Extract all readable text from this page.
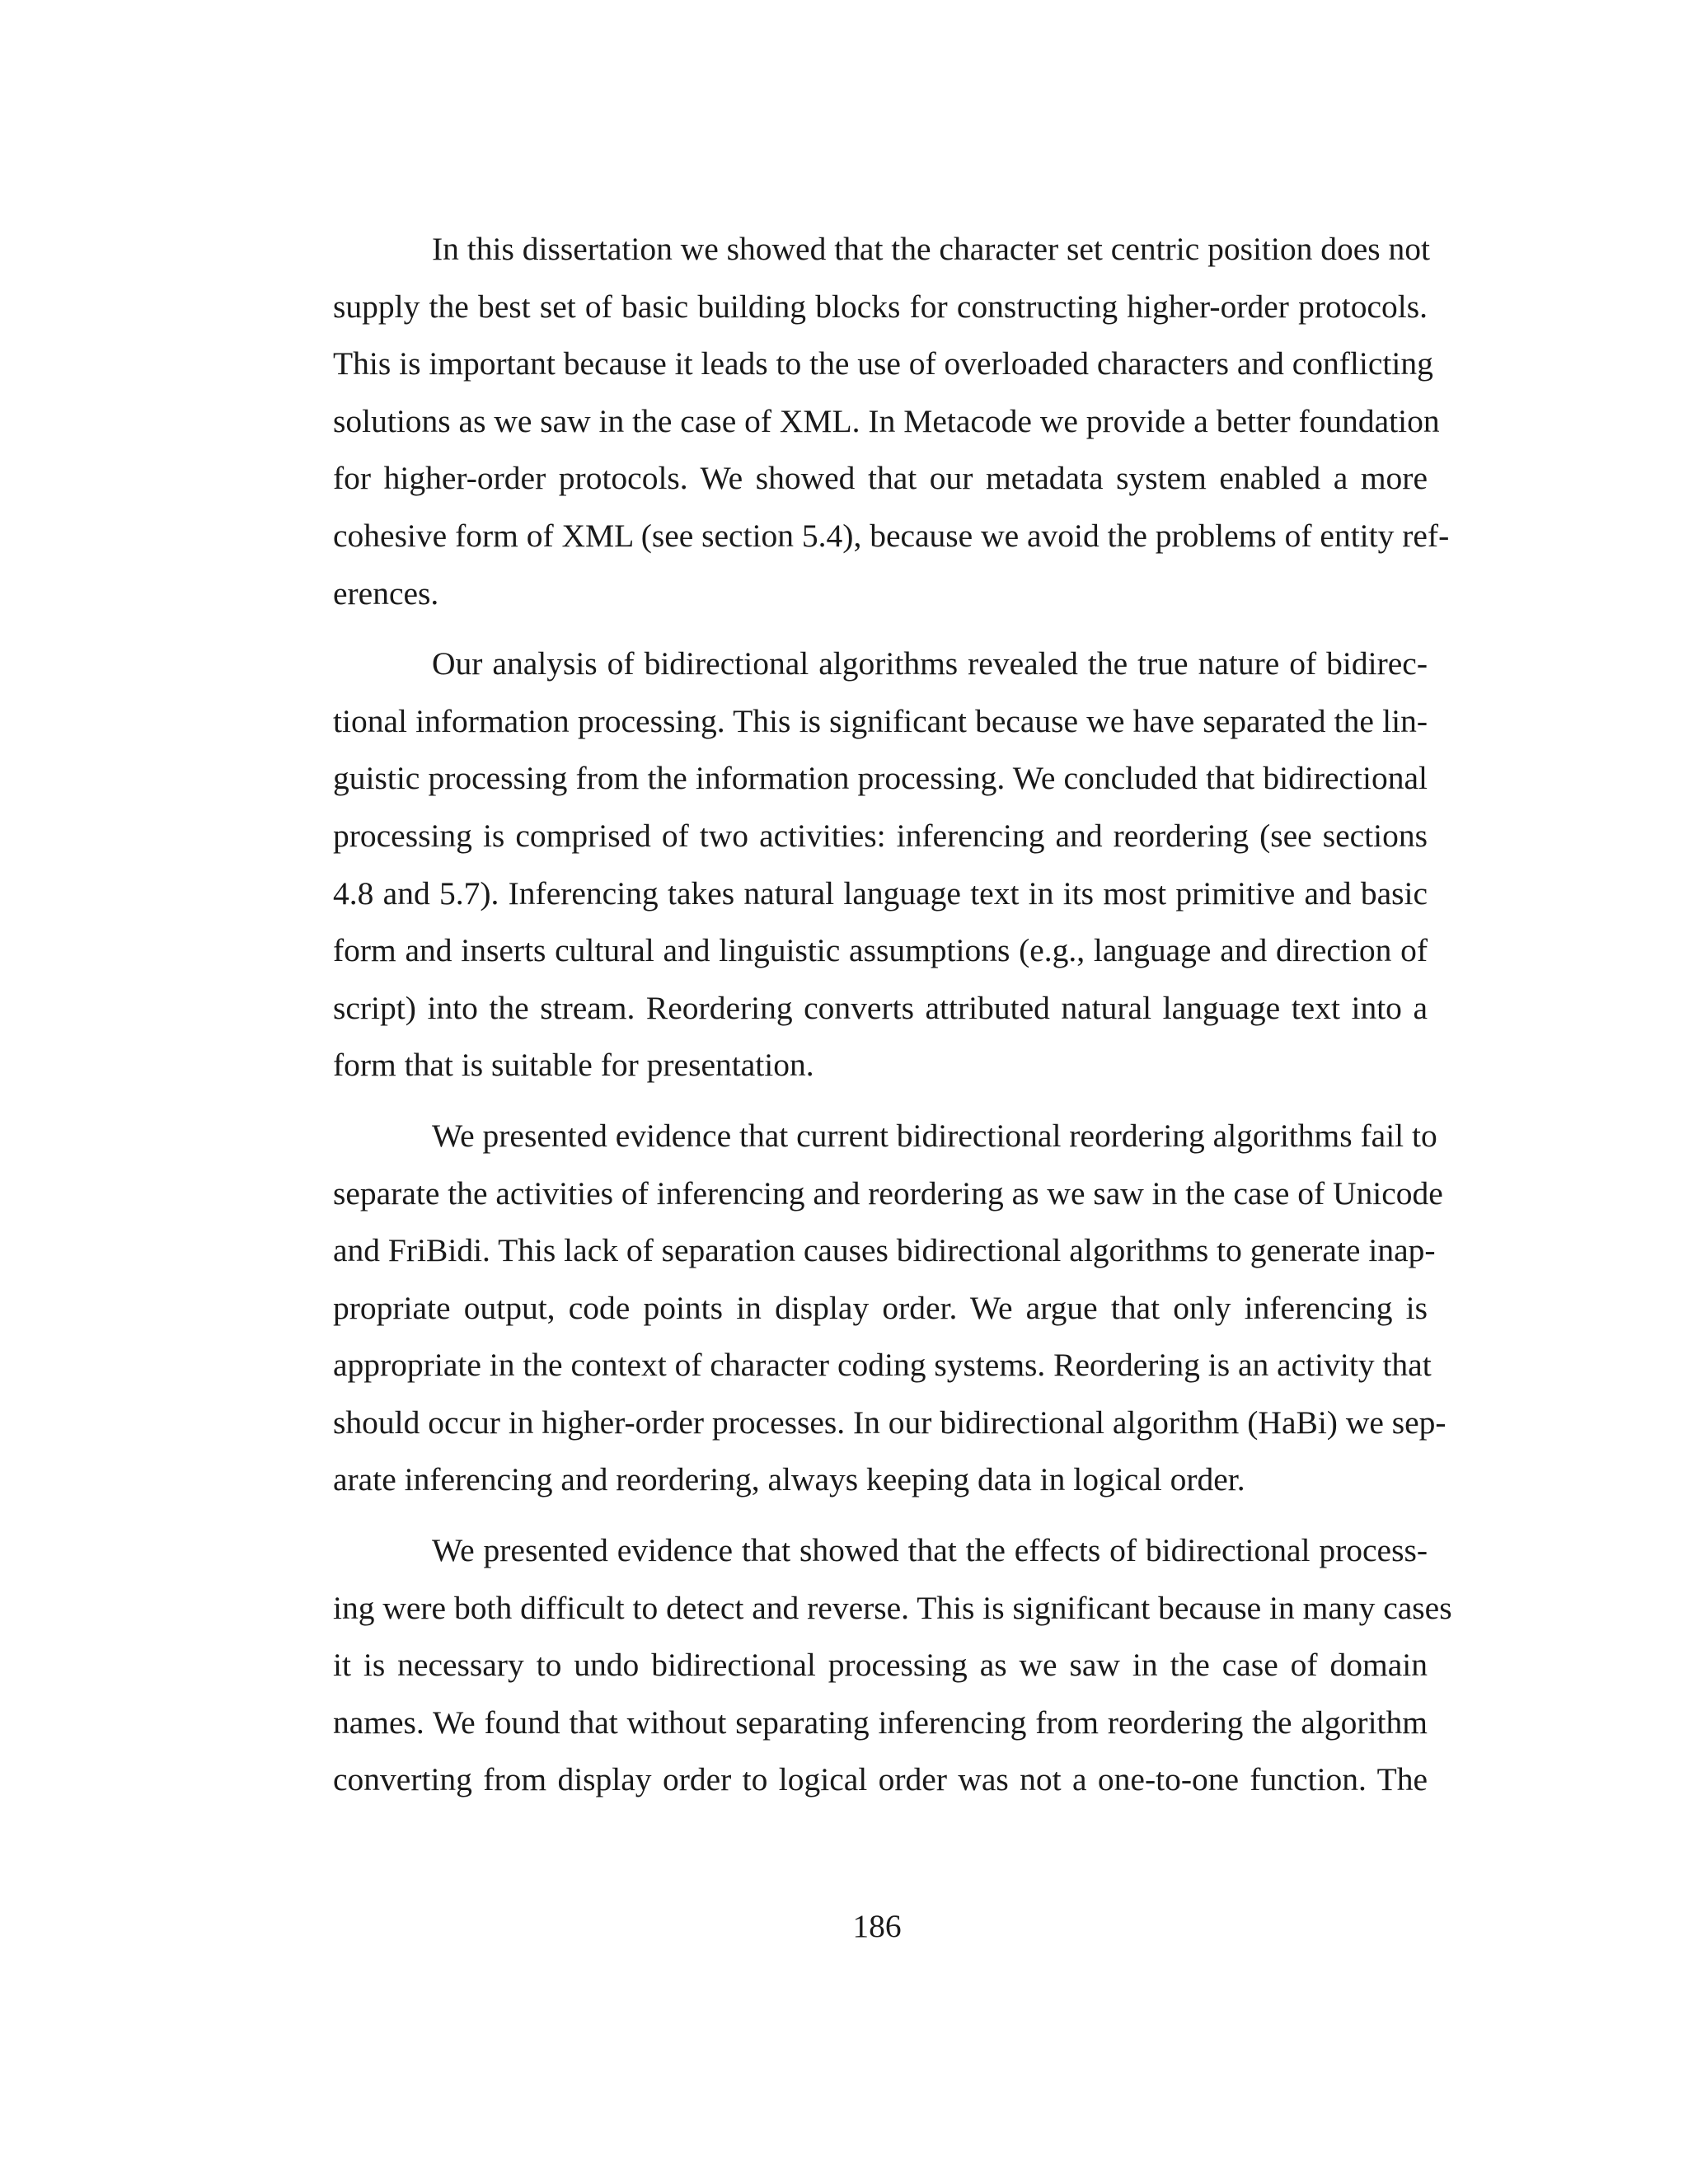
In this dissertation we showed that the character set centric position does not
supply the best set of basic building blocks for constructing higher-order protocols.
This is important because it leads to the use of overloaded characters and conflicting
solutions as we saw in the case of XML. In Metacode we provide a better foundation
for higher-order protocols. We showed that our metadata system enabled a more
cohesive form of XML (see section 5.4), because we avoid the problems of entity ref-
erences.
Our analysis of bidirectional algorithms revealed the true nature of bidirec-
tional information processing. This is significant because we have separated the lin-
guistic processing from the information processing. We concluded that bidirectional
processing is comprised of two activities: inferencing and reordering (see sections
4.8 and 5.7). Inferencing takes natural language text in its most primitive and basic
form and inserts cultural and linguistic assumptions (e.g., language and direction of
script) into the stream. Reordering converts attributed natural language text into a
form that is suitable for presentation.
We presented evidence that current bidirectional reordering algorithms fail to
separate the activities of inferencing and reordering as we saw in the case of Unicode
and FriBidi. This lack of separation causes bidirectional algorithms to generate inap-
propriate output, code points in display order. We argue that only inferencing is
appropriate in the context of character coding systems. Reordering is an activity that
should occur in higher-order processes. In our bidirectional algorithm (HaBi) we sep-
arate inferencing and reordering, always keeping data in logical order.
We presented evidence that showed that the effects of bidirectional process-
ing were both difficult to detect and reverse. This is significant because in many cases
it is necessary to undo bidirectional processing as we saw in the case of domain
names. We found that without separating inferencing from reordering the algorithm
converting from display order to logical order was not a one-to-one function. The
186
